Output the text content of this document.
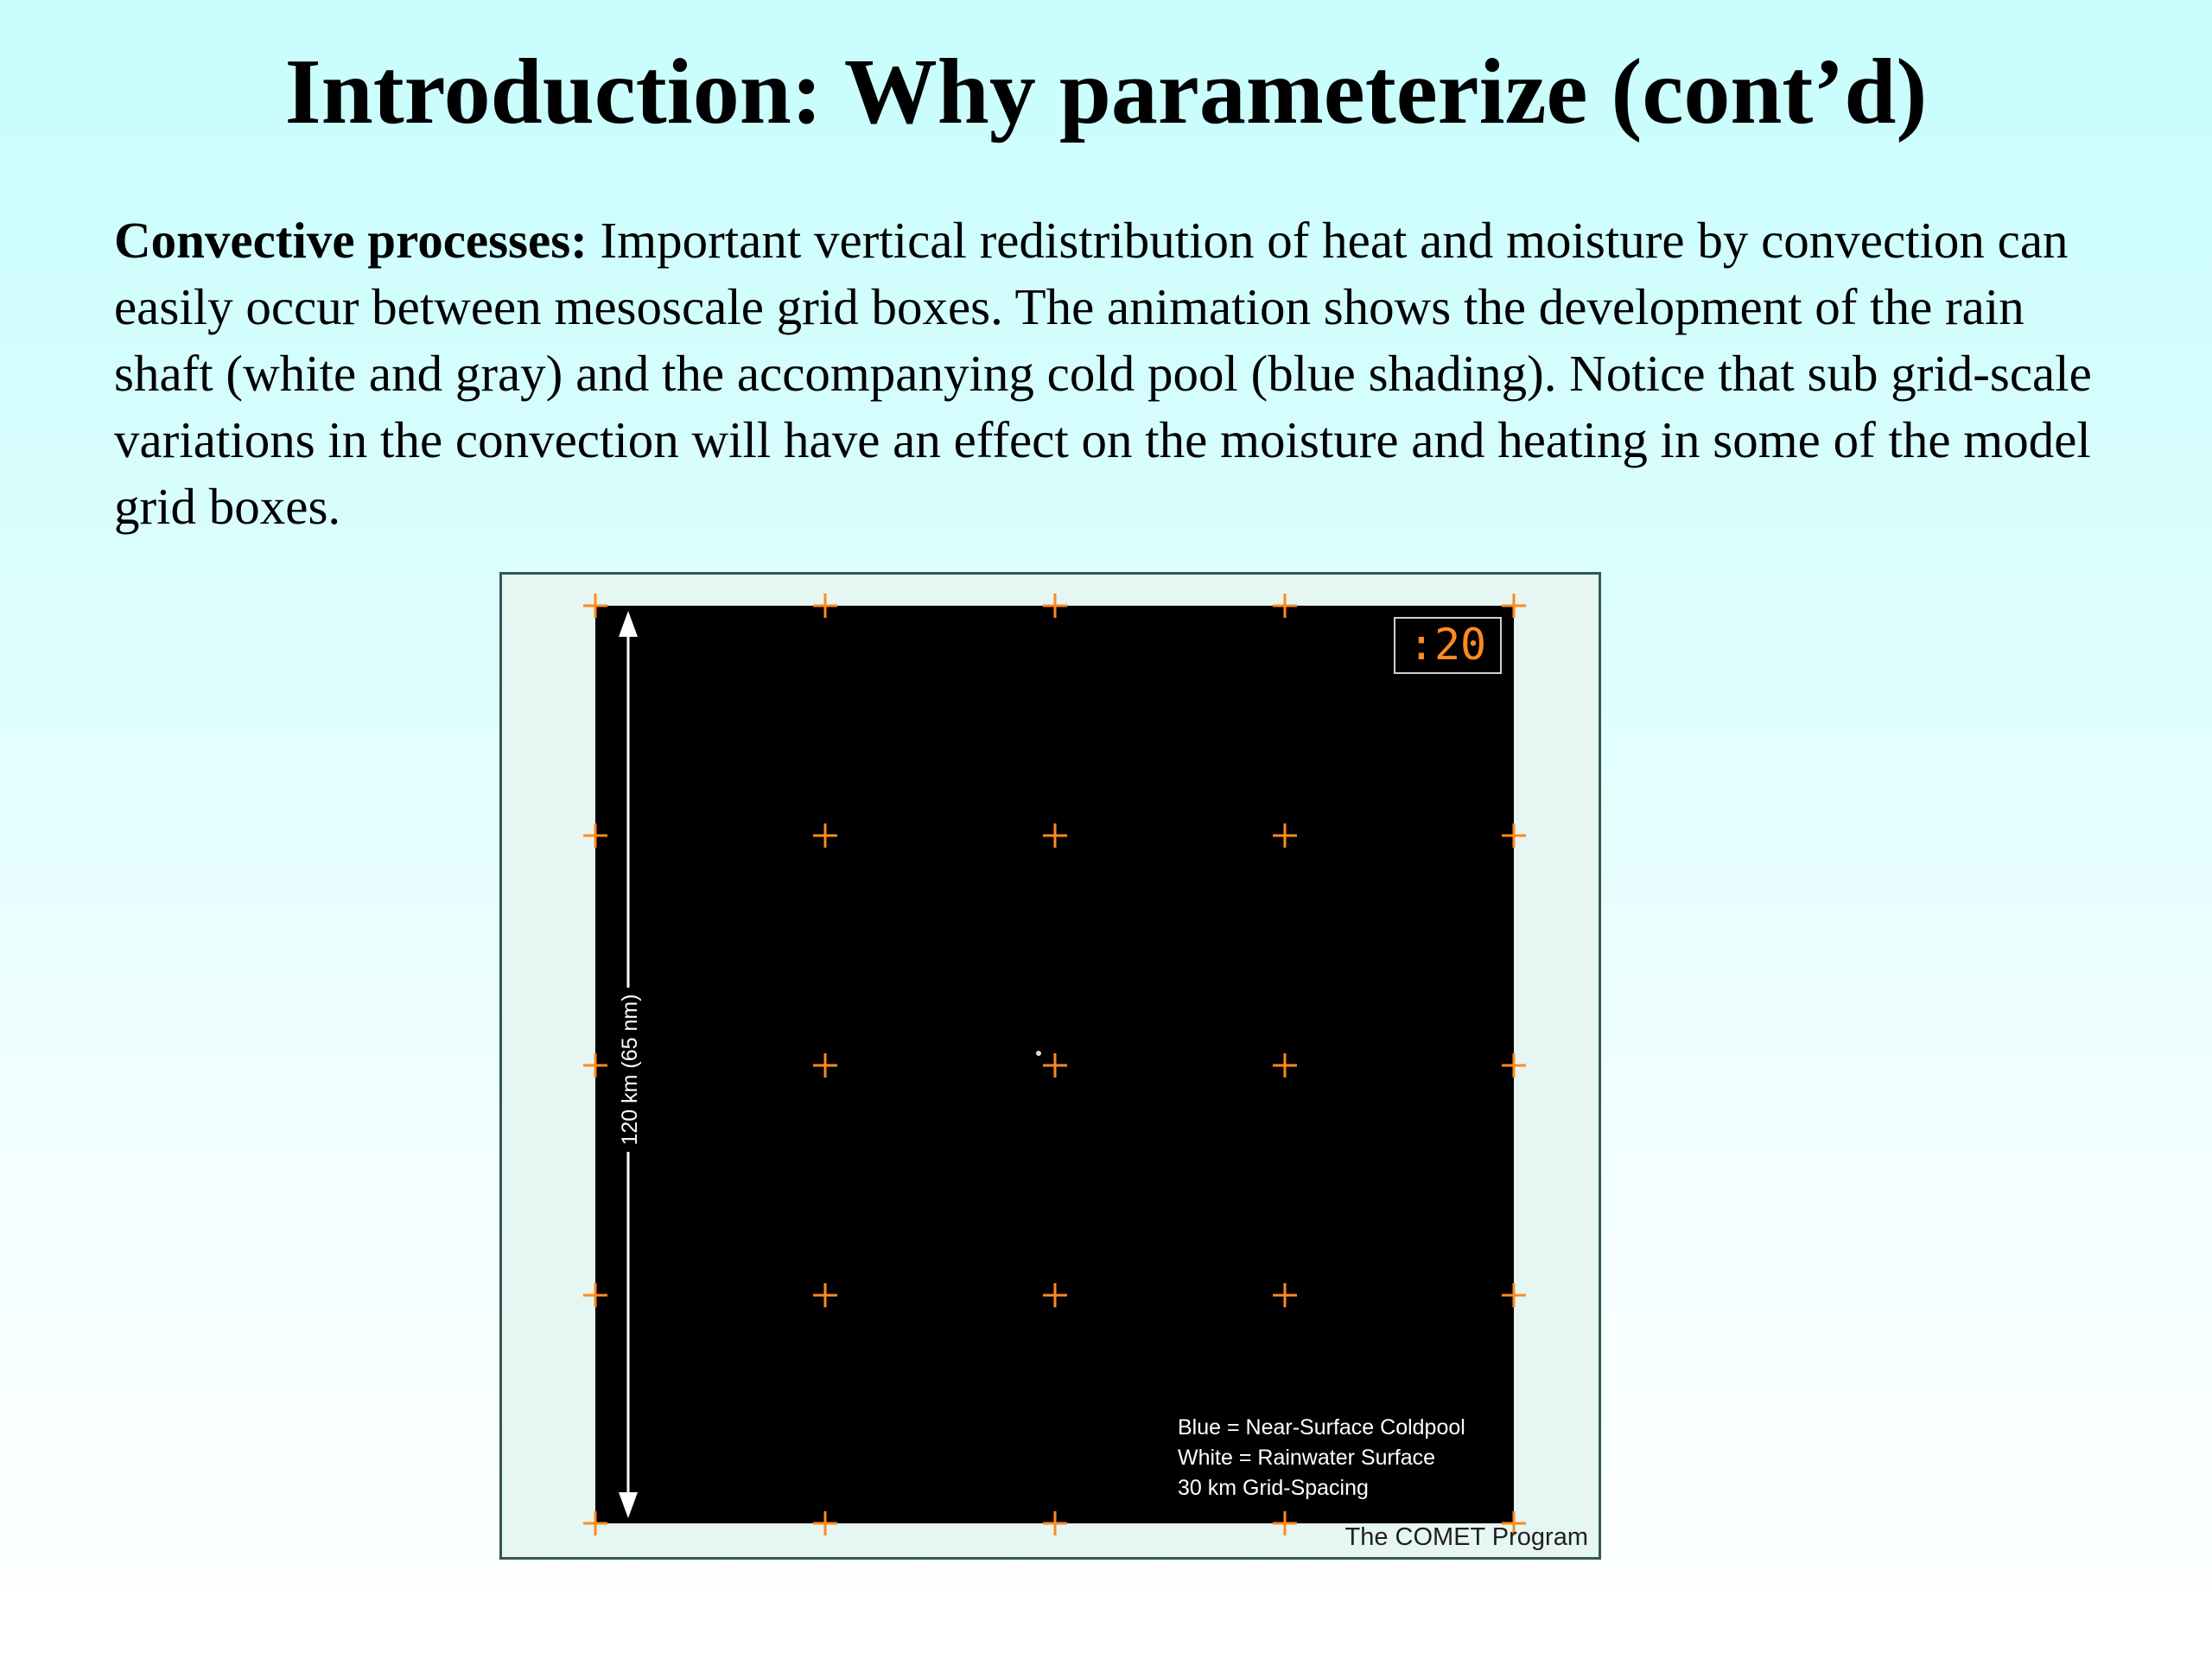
Introduction: Why parameterize (cont’d)

Convective processes: Important vertical redistribution of heat and moisture by convection can easily occur between mesoscale grid boxes. The animation shows the development of the rain shaft (white and gray) and the accompanying cold pool (blue shading). Notice that sub grid-scale variations in the convection will have an effect on the moisture and heating in some of the model grid boxes.

:20
120 km (65 nm)
Blue = Near-Surface Coldpool
White = Rainwater Surface
30 km Grid-Spacing
The COMET Program
